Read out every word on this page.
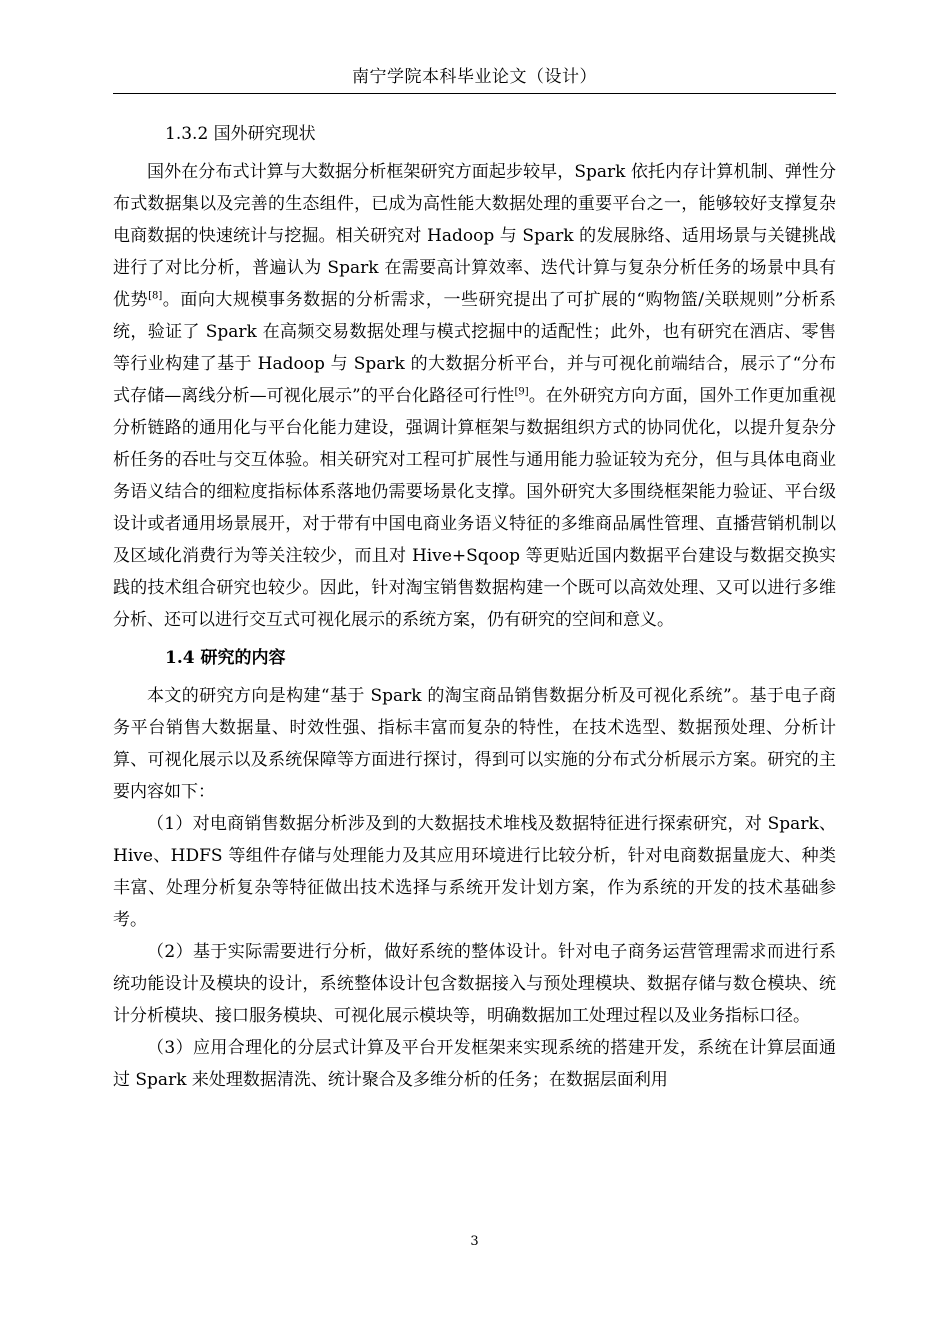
南宁学院本科毕业论文（设计）

1.3.2 国外研究现状

国外在分布式计算与大数据分析框架研究方面起步较早，Spark 依托内存计算机制、弹性分布式数据集以及完善的生态组件，已成为高性能大数据处理的重要平台之一，能够较好支撑复杂电商数据的快速统计与挖掘。相关研究对 Hadoop 与 Spark 的发展脉络、适用场景与关键挑战进行了对比分析，普遍认为 Spark 在需要高计算效率、迭代计算与复杂分析任务的场景中具有优势[8]。面向大规模事务数据的分析需求，一些研究提出了可扩展的“购物篮/关联规则”分析系统，验证了 Spark 在高频交易数据处理与模式挖掘中的适配性；此外，也有研究在酒店、零售等行业构建了基于 Hadoop 与 Spark 的大数据分析平台，并与可视化前端结合，展示了“分布式存储—离线分析—可视化展示”的平台化路径可行性[9]。在外研究方向方面，国外工作更加重视分析链路的通用化与平台化能力建设，强调计算框架与数据组织方式的协同优化，以提升复杂分析任务的吞吐与交互体验。相关研究对工程可扩展性与通用能力验证较为充分，但与具体电商业务语义结合的细粒度指标体系落地仍需要场景化支撑。国外研究大多围绕框架能力验证、平台级设计或者通用场景展开，对于带有中国电商业务语义特征的多维商品属性管理、直播营销机制以及区域化消费行为等关注较少，而且对 Hive+Sqoop 等更贴近国内数据平台建设与数据交换实践的技术组合研究也较少。因此，针对淘宝销售数据构建一个既可以高效处理、又可以进行多维分析、还可以进行交互式可视化展示的系统方案，仍有研究的空间和意义。

1.4 研究的内容

本文的研究方向是构建“基于 Spark 的淘宝商品销售数据分析及可视化系统”。基于电子商务平台销售大数据量、时效性强、指标丰富而复杂的特性，在技术选型、数据预处理、分析计算、可视化展示以及系统保障等方面进行探讨，得到可以实施的分布式分析展示方案。研究的主要内容如下：

（1）对电商销售数据分析涉及到的大数据技术堆栈及数据特征进行探索研究，对 Spark、Hive、HDFS 等组件存储与处理能力及其应用环境进行比较分析，针对电商数据量庞大、种类丰富、处理分析复杂等特征做出技术选择与系统开发计划方案，作为系统的开发的技术基础参考。

（2）基于实际需要进行分析，做好系统的整体设计。针对电子商务运营管理需求而进行系统功能设计及模块的设计，系统整体设计包含数据接入与预处理模块、数据存储与数仓模块、统计分析模块、接口服务模块、可视化展示模块等，明确数据加工处理过程以及业务指标口径。

（3）应用合理化的分层式计算及平台开发框架来实现系统的搭建开发，系统在计算层面通过 Spark 来处理数据清洗、统计聚合及多维分析的任务；在数据层面利用

3
